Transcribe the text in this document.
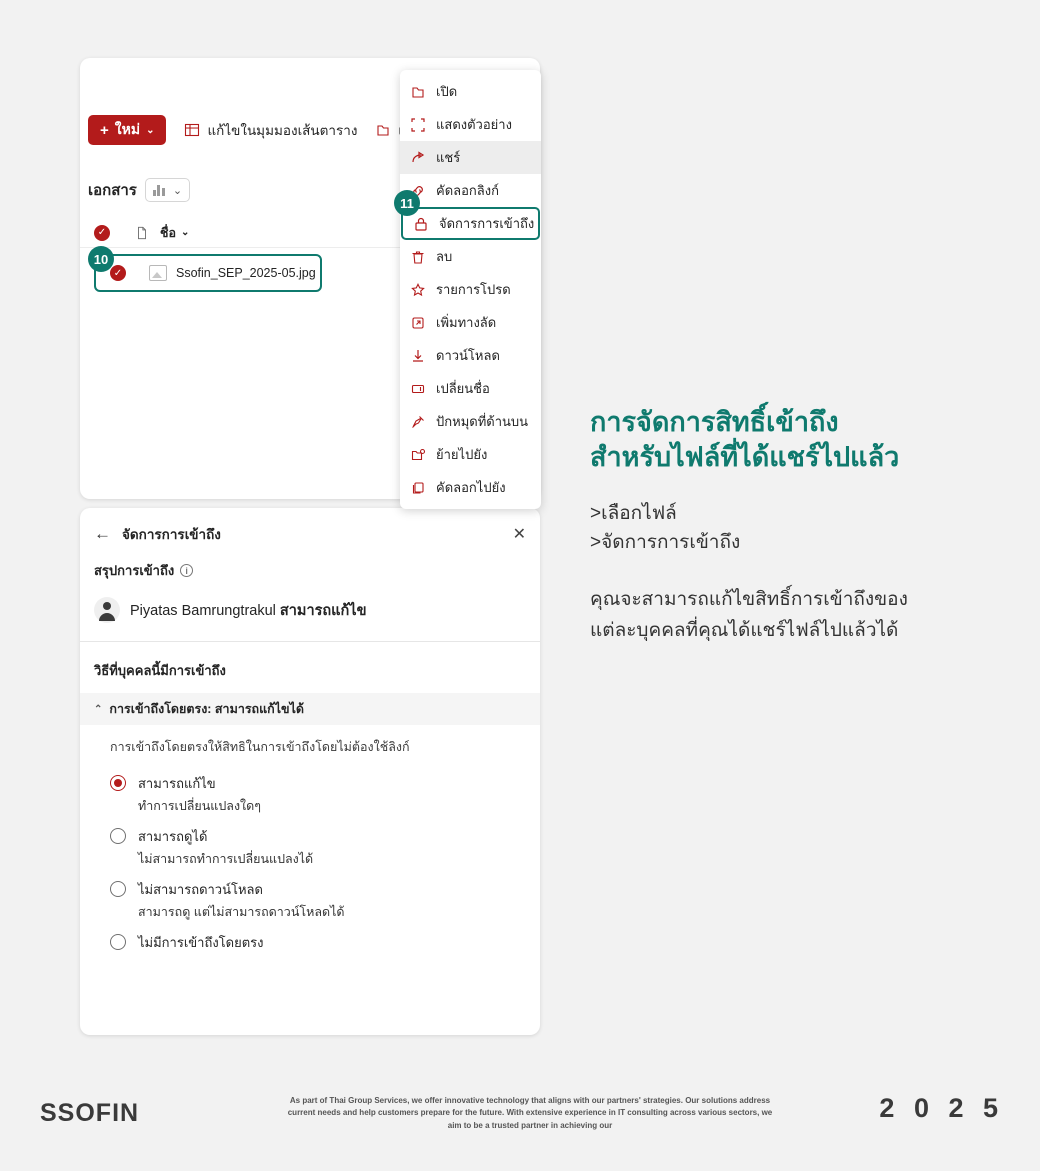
+ ใหม่ ⌄	แก้ไขในมุมมองเส้นตาราง
เอกสาร	⌄
✓	ชื่อ ⌄
✓	Ssofin_SEP_2025-05.jpg
เปิด
แสดงตัวอย่าง
แชร์
คัดลอกลิงก์
จัดการการเข้าถึง
ลบ
รายการโปรด
เพิ่มทางลัด
ดาวน์โหลด
เปลี่ยนชื่อ
ปักหมุดที่ด้านบน
ย้ายไปยัง
คัดลอกไปยัง
10
11
← จัดการการเข้าถึง	✕
สรุปการเข้าถึง	i
Piyatas Bamrungtrakul สามารถแก้ไข
วิธีที่บุคคลนี้มีการเข้าถึง
⌃ การเข้าถึงโดยตรง: สามารถแก้ไขได้
การเข้าถึงโดยตรงให้สิทธิในการเข้าถึงโดยไม่ต้องใช้ลิงก์
สามารถแก้ไข
ทำการเปลี่ยนแปลงใดๆ
สามารถดูได้
ไม่สามารถทำการเปลี่ยนแปลงได้
ไม่สามารถดาวน์โหลด
สามารถดู แต่ไม่สามารถดาวน์โหลดได้
ไม่มีการเข้าถึงโดยตรง
การจัดการสิทธิ์เข้าถึง
สำหรับไฟล์ที่ได้แชร์ไปแล้ว
>เลือกไฟล์
>จัดการการเข้าถึง
คุณจะสามารถแก้ไขสิทธิ์การเข้าถึงของแต่ละบุคคลที่คุณได้แชร์ไฟล์ไปแล้วได้
SSOFIN	As part of Thai Group Services, we offer innovative technology that aligns with our partners' strategies. Our solutions address current needs and help customers prepare for the future. With extensive experience in IT consulting across various sectors, we aim to be a trusted partner in achieving our
2 0 2 5
